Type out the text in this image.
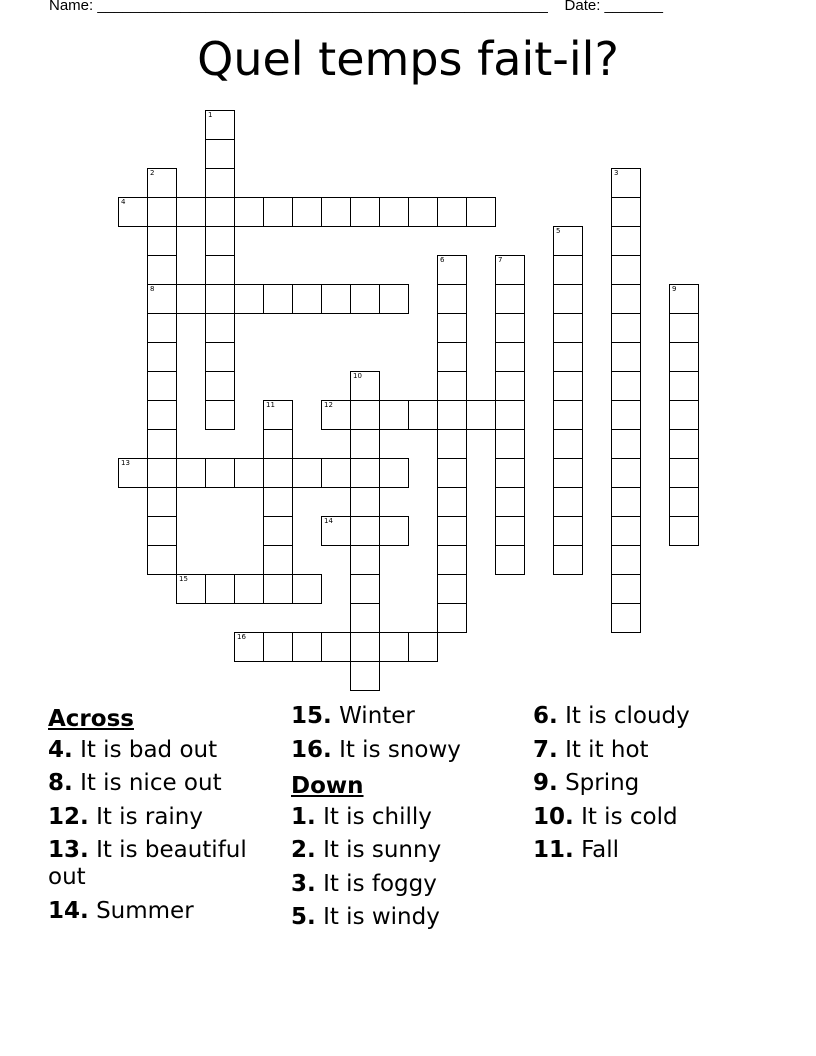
Name: ______________________________________________________ Date: _______
Quel temps fait-il?
1
2
8
3
4
5
6	7
9
10
11	12
13
14
15
16
Across
4. It is bad out
8. It is nice out
12. It is rainy
13. It is beautiful out
14. Summer
15. Winter
16. It is snowy
Down
1. It is chilly
2. It is sunny
3. It is foggy
5. It is windy
6. It is cloudy
7. It it hot
9. Spring
10. It is cold
11. Fall
